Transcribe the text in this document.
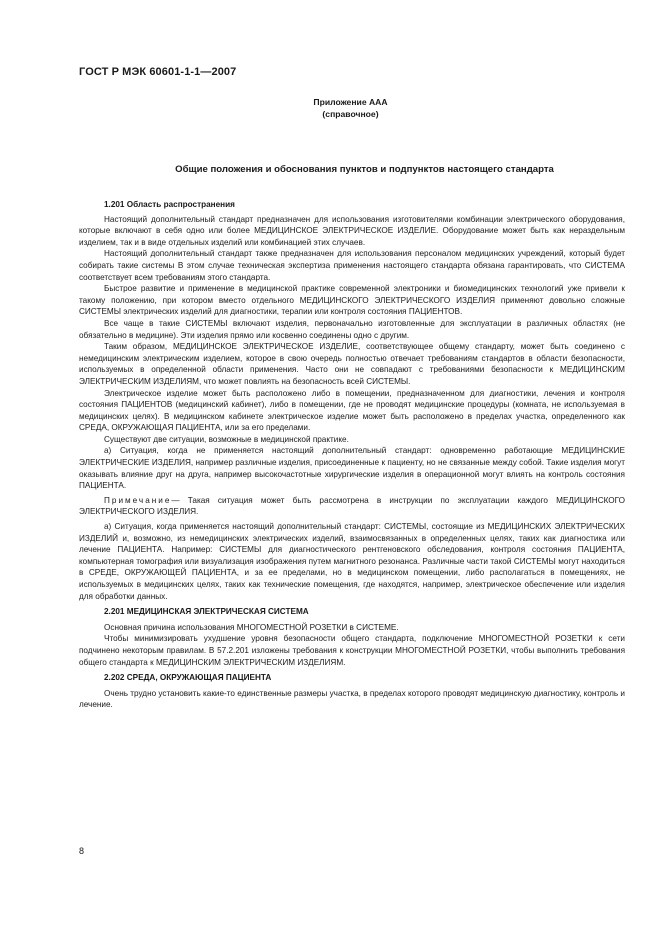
ГОСТ Р МЭК 60601-1-1—2007
Приложение ААА
(справочное)
Общие положения и обоснования пунктов и подпунктов настоящего стандарта

1.201 Область распространения

Настоящий дополнительный стандарт предназначен для использования изготовителями комбинации электрического оборудования, которые включают в себя одно или более МЕДИЦИНСКОЕ ЭЛЕКТРИЧЕСКОЕ ИЗДЕЛИЕ. Оборудование может быть как нераздельным изделием, так и в виде отдельных изделий или комбинацией этих случаев.

Настоящий дополнительный стандарт также предназначен для использования персоналом медицинских учреждений, который будет собирать такие системы В этом случае техническая экспертиза применения настоящего стандарта обязана гарантировать, что СИСТЕМА соответствует всем требованиям этого стандарта.

Быстрое развитие и применение в медицинской практике современной электроники и биомедицинских технологий уже привели к такому положению, при котором вместо отдельного МЕДИЦИНСКОГО ЭЛЕКТРИЧЕСКОГО ИЗДЕЛИЯ применяют довольно сложные СИСТЕМЫ электрических изделий для диагностики, терапии или контроля состояния ПАЦИЕНТОВ.

Все чаще в такие СИСТЕМЫ включают изделия, первоначально изготовленные для эксплуатации в различных областях (не обязательно в медицине). Эти изделия прямо или косвенно соединены одно с другим.

Таким образом, МЕДИЦИНСКОЕ ЭЛЕКТРИЧЕСКОЕ ИЗДЕЛИЕ, соответствующее общему стандарту, может быть соединено с немедицинским электрическим изделием, которое в свою очередь полностью отвечает требованиям стандартов в области безопасности, используемых в определенной области применения. Часто они не совпадают с требованиями безопасности к МЕДИЦИНСКИМ ЭЛЕКТРИЧЕСКИМ ИЗДЕЛИЯМ, что может повлиять на безопасность всей СИСТЕМЫ.

Электрическое изделие может быть расположено либо в помещении, предназначенном для диагностики, лечения и контроля состояния ПАЦИЕНТОВ (медицинский кабинет), либо в помещении, где не проводят медицинские процедуры (комната, не используемая в медицинских целях). В медицинском кабинете электрическое изделие может быть расположено в пределах участка, определенного как СРЕДА, ОКРУЖАЮЩАЯ ПАЦИЕНТА, или за его пределами.

Существуют две ситуации, возможные в медицинской практике.

а) Ситуация, когда не применяется настоящий дополнительный стандарт: одновременно работающие МЕДИЦИНСКИЕ ЭЛЕКТРИЧЕСКИЕ ИЗДЕЛИЯ, например различные изделия, присоединенные к пациенту, но не связанные между собой. Такие изделия могут оказывать влияние друг на друга, например высокочастотные хирургические изделия в операционной могут влиять на контроль состояния ПАЦИЕНТА.

Примечание— Такая ситуация может быть рассмотрена в инструкции по эксплуатации каждого МЕДИЦИНСКОГО ЭЛЕКТРИЧЕСКОГО ИЗДЕЛИЯ.

а) Ситуация, когда применяется настоящий дополнительный стандарт: СИСТЕМЫ, состоящие из МЕДИЦИНСКИХ ЭЛЕКТРИЧЕСКИХ ИЗДЕЛИЙ и, возможно, из немедицинских электрических изделий, взаимосвязанных в определенных целях, таких как диагностика или лечение ПАЦИЕНТА. Например: СИСТЕМЫ для диагностического рентгеновского обследования, контроля состояния ПАЦИЕНТА, компьютерная томография или визуализация изображения путем магнитного резонанса. Различные части такой СИСТЕМЫ могут находиться в СРЕДЕ, ОКРУЖАЮЩЕЙ ПАЦИЕНТА, и за ее пределами, но в медицинском помещении, либо располагаться в помещениях, не используемых в медицинских целях, таких как технические помещения, где находятся, например, электрическое обеспечение или изделия для обработки данных.

2.201 МЕДИЦИНСКАЯ ЭЛЕКТРИЧЕСКАЯ СИСТЕМА

Основная причина использования МНОГОМЕСТНОЙ РОЗЕТКИ в СИСТЕМЕ.

Чтобы минимизировать ухудшение уровня безопасности общего стандарта, подключение МНОГОМЕСТНОЙ РОЗЕТКИ к сети подчинено некоторым правилам. В 57.2.201 изложены требования к конструкции МНОГОМЕСТНОЙ РОЗЕТКИ, чтобы выполнить требования общего стандарта к МЕДИЦИНСКИМ ЭЛЕКТРИЧЕСКИМ ИЗДЕЛИЯМ.

2.202 СРЕДА, ОКРУЖАЮЩАЯ ПАЦИЕНТА

Очень трудно установить какие-то единственные размеры участка, в пределах которого проводят медицинскую диагностику, контроль и лечение.

8
